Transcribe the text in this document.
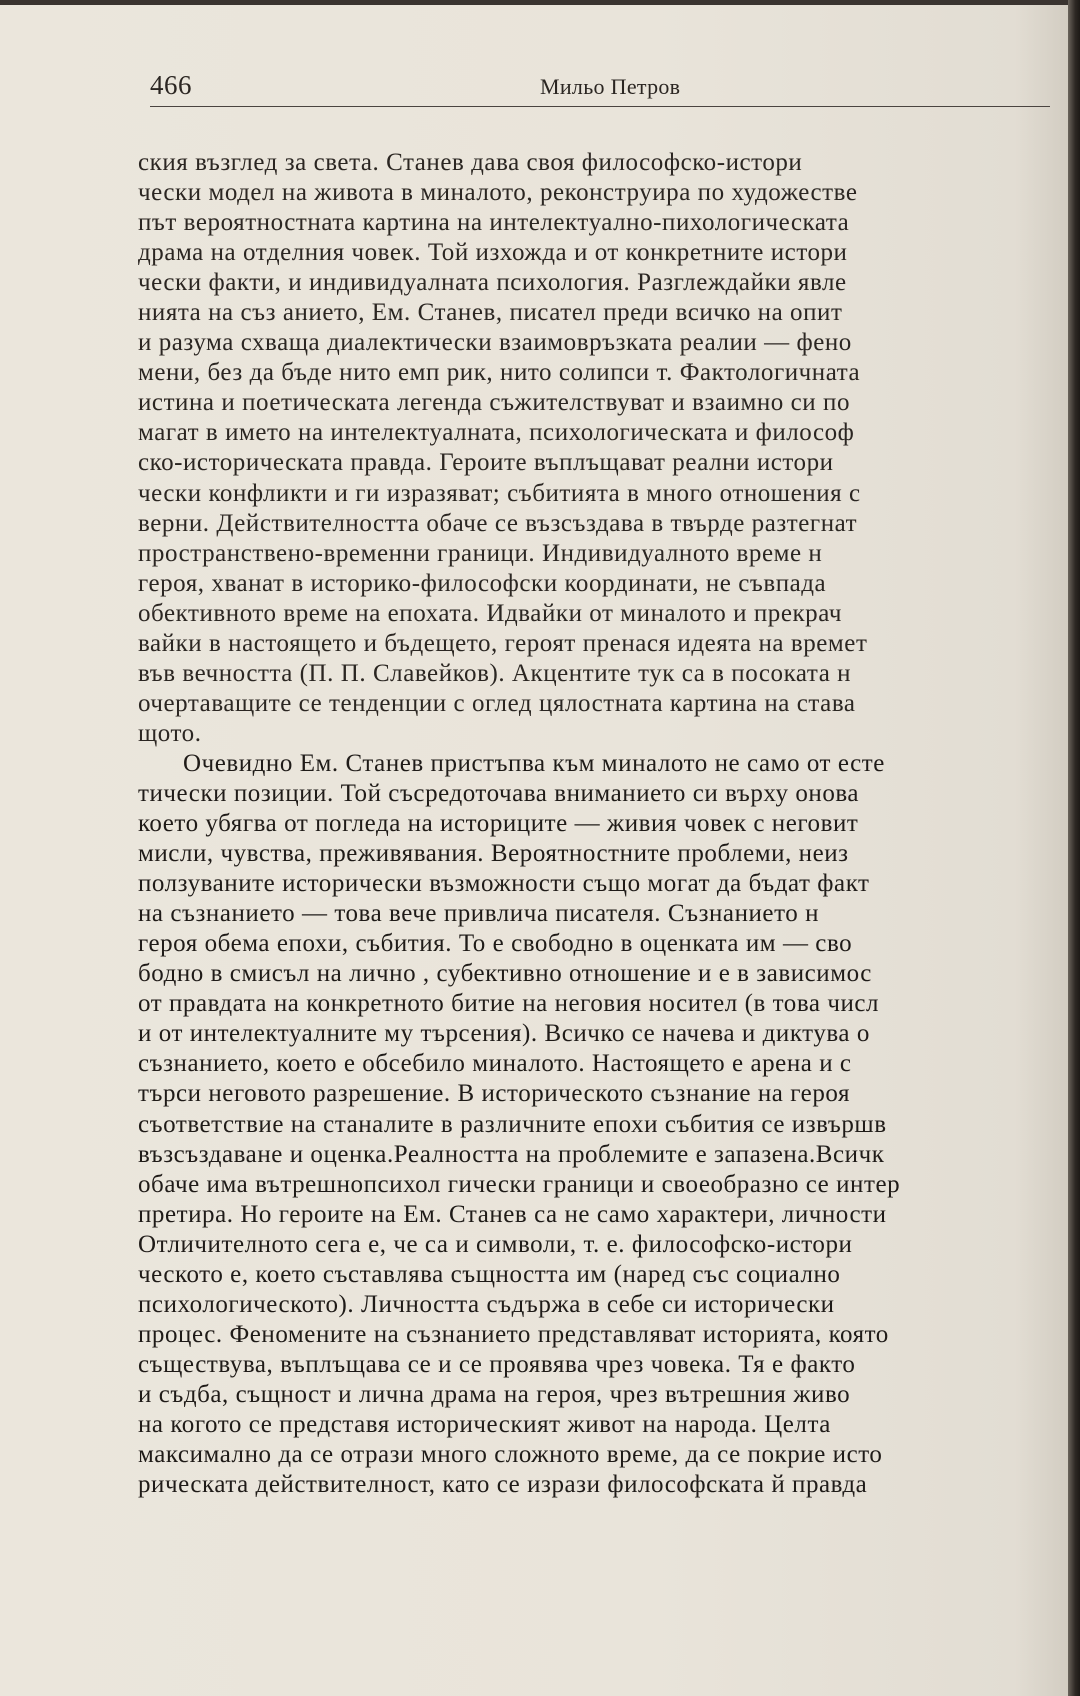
466	Мильо Петров
ския възглед за света. Станев дава своя философско-истори
чески модел на живота в миналото, реконструира по художестве
път вероятностната картина на интелектуално-пихологическата
драма на отделния човек. Той изхожда и от конкретните истори
чески факти, и индивидуалната психология. Разглеждайки явле
нията на съз анието, Ем. Станев, писател преди всичко на опит
и разума схваща диалектически взаимовръзката реалии — фено
мени, без да бъде нито емп рик, нито солипси т. Фактологичната
истина и поетическата легенда съжителствуват и взаимно си по
магат в името на интелектуалната, психологическата и философ
ско-историческата правда. Героите въплъщават реални истори
чески конфликти и ги изразяват; събитията в много отношения с
верни. Действителността обаче се възсъздава в твърде разтегнат
пространствено-временни граници. Индивидуалното време н
героя, хванат в историко-философски координати, не съвпада
обективното време на епохата. Идвайки от миналото и прекрач
вайки в настоящето и бъдещето, героят пренася идеята на времет
във вечността (П. П. Славейков). Акцентите тук са в посоката н
очертаващите се тенденции с оглед цялостната картина на става
щото.
Очевидно Ем. Станев пристъпва към миналото не само от есте
тически позиции. Той съсредоточава вниманието си върху онова
което убягва от погледа на историците — живия човек с неговит
мисли, чувства, преживявания. Вероятностните проблеми, неиз
ползуваните исторически възможности също могат да бъдат факт
на съзнанието — това вече привлича писателя. Съзнанието н
героя обема епохи, събития. То е свободно в оценката им — сво
бодно в смисъл на лично , субективно отношение и е в зависимос
от правдата на конкретното битие на неговия носител (в това числ
и от интелектуалните му търсения). Всичко се начева и диктува о
съзнанието, което е обсебило миналото. Настоящето е арена и с
търси неговото разрешение. В историческото съзнание на героя
съответствие на станалите в различните епохи събития се извършв
възсъздаване и оценка.Реалността на проблемите е запазена.Всичк
обаче има вътрешнопсихол гически граници и своеобразно се интер
претира. Но героите на Ем. Станев са не само характери, личности
Отличителното сега е, че са и символи, т. е. философско-истори
ческото е, което съставлява същността им (наред със социално
психологическото). Личността съдържа в себе си исторически
процес. Феномените на съзнанието представляват историята, която
съществува, въплъщава се и се проявява чрез човека. Тя е факто
и съдба, същност и лична драма на героя, чрез вътрешния живо
на когото се представя историческият живот на народа. Целта
максимално да се отрази много сложното време, да се покрие исто
рическата действителност, като се изрази философската й правда
